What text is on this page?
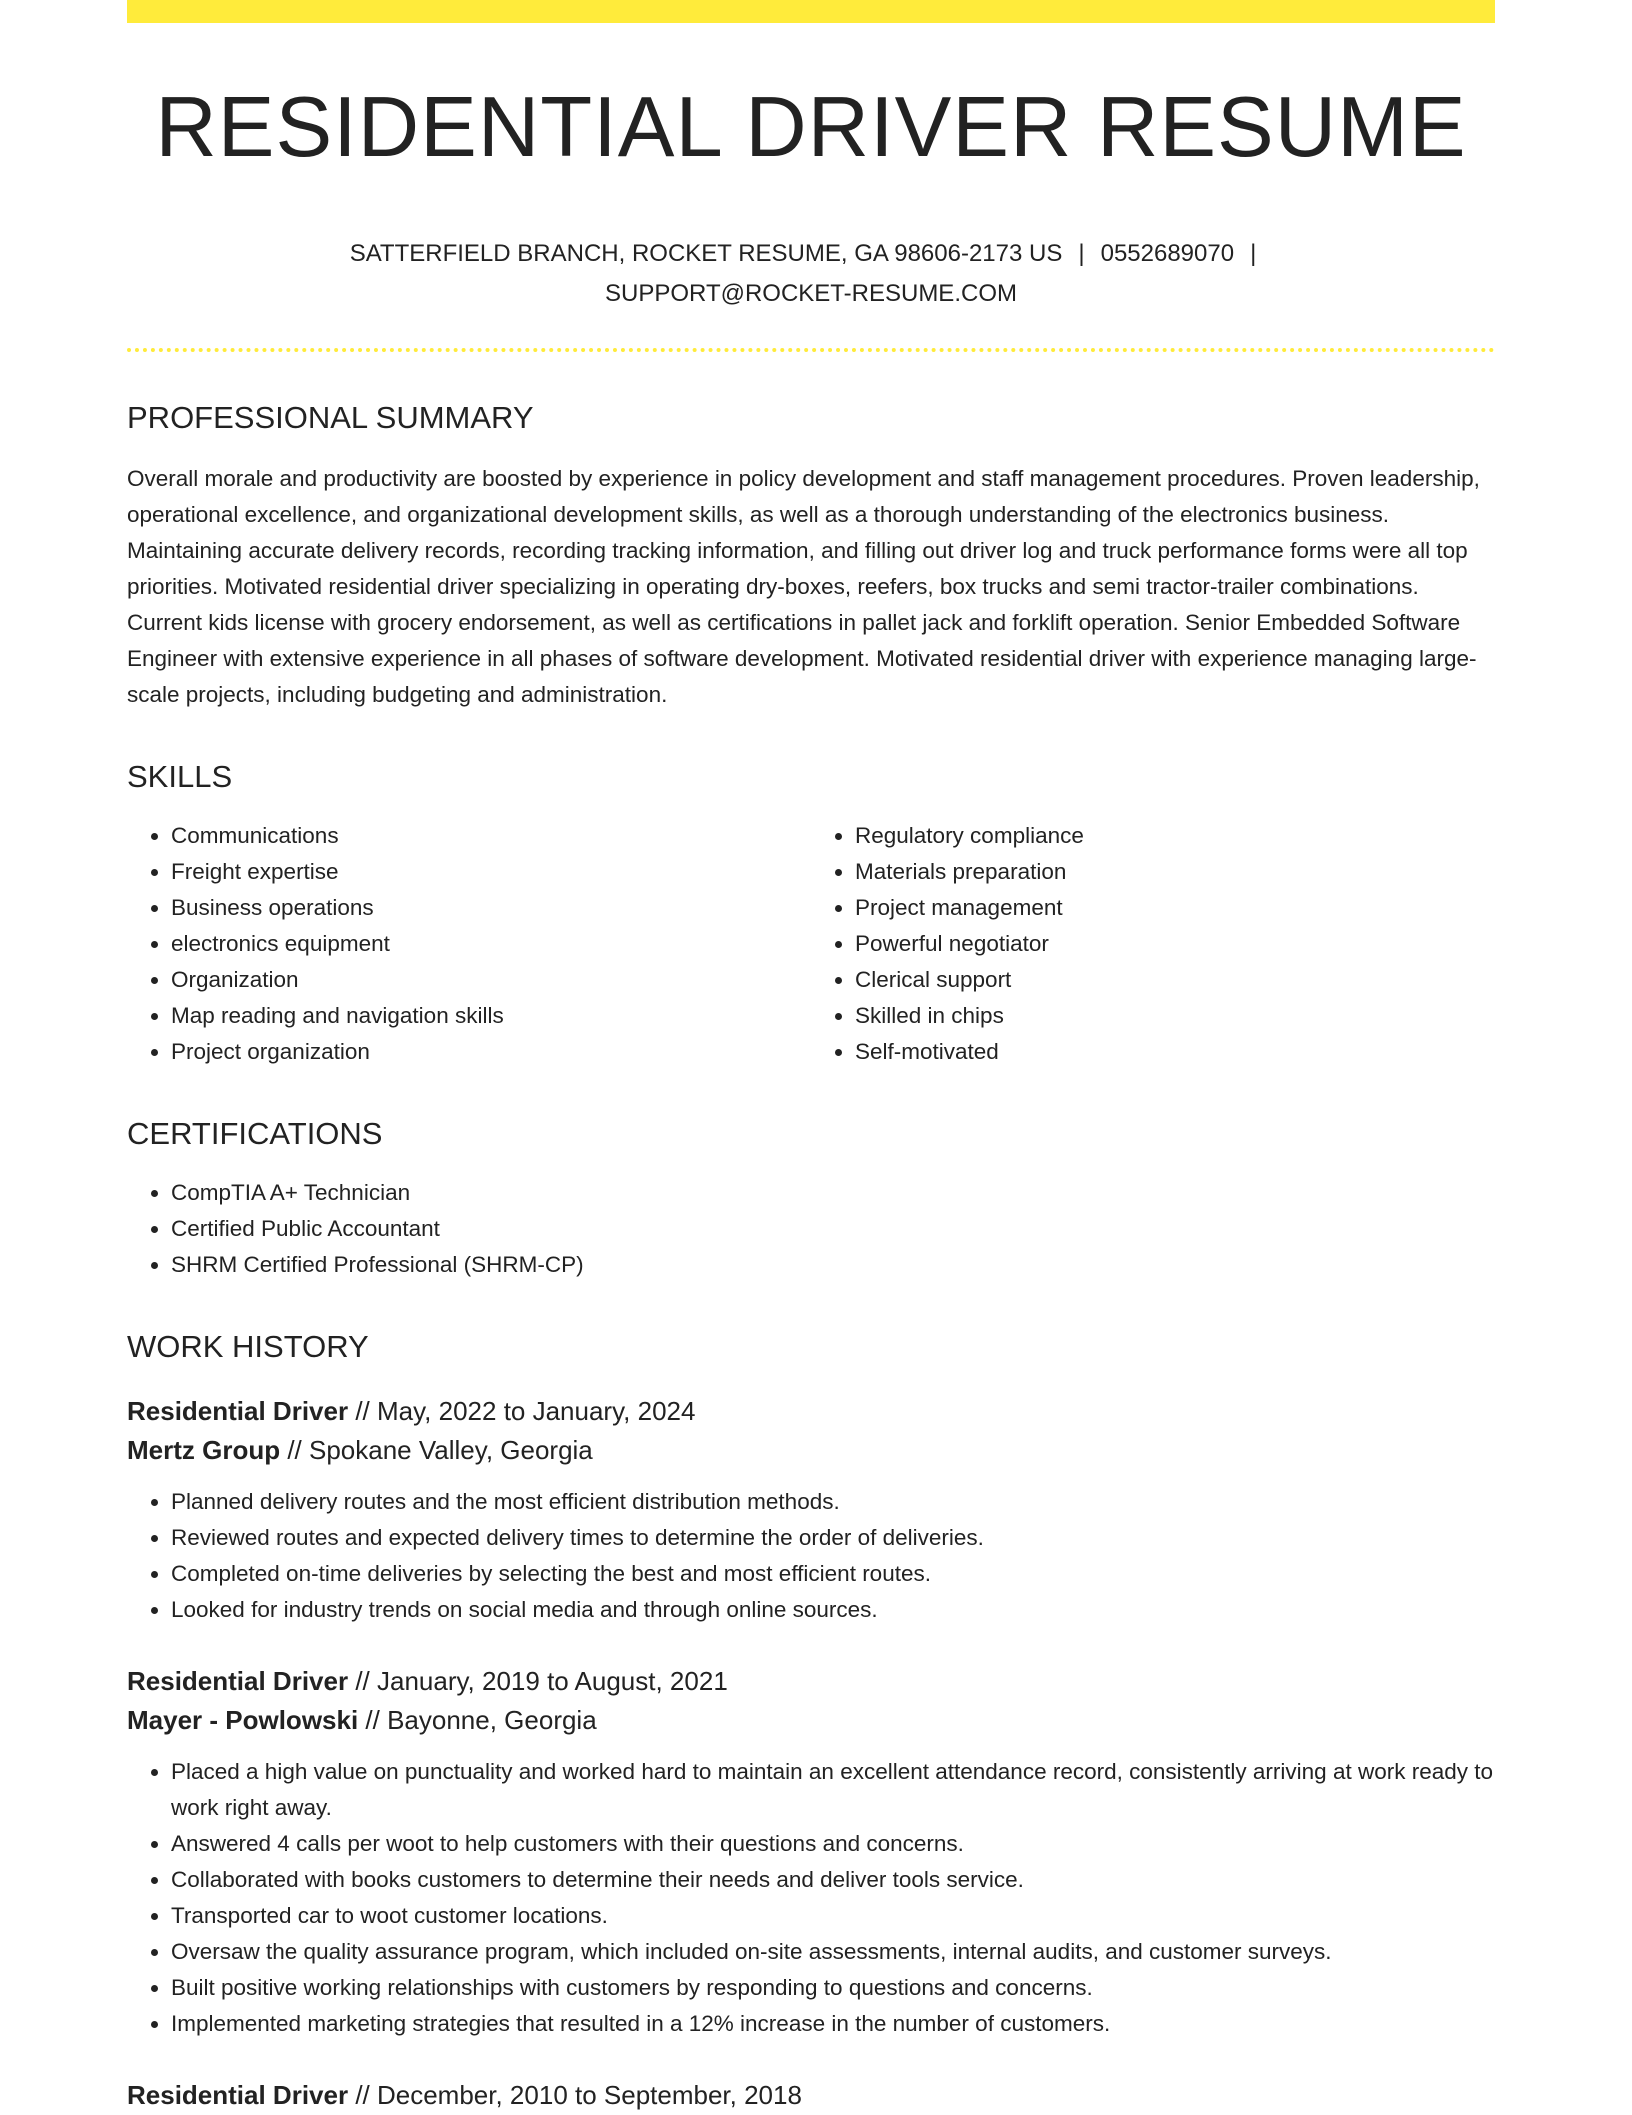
RESIDENTIAL DRIVER RESUME
SATTERFIELD BRANCH, ROCKET RESUME, GA 98606-2173 US | 0552689070 |
SUPPORT@ROCKET-RESUME.COM
PROFESSIONAL SUMMARY

Overall morale and productivity are boosted by experience in policy development and staff management procedures. Proven leadership, operational excellence, and organizational development skills, as well as a thorough understanding of the electronics business. Maintaining accurate delivery records, recording tracking information, and filling out driver log and truck performance forms were all top priorities. Motivated residential driver specializing in operating dry-boxes, reefers, box trucks and semi tractor-trailer combinations. Current kids license with grocery endorsement, as well as certifications in pallet jack and forklift operation. Senior Embedded Software Engineer with extensive experience in all phases of software development. Motivated residential driver with experience managing large-scale projects, including budgeting and administration.

SKILLS
• Communications
• Freight expertise
• Business operations
• electronics equipment
• Organization
• Map reading and navigation skills
• Project organization
• Regulatory compliance
• Materials preparation
• Project management
• Powerful negotiator
• Clerical support
• Skilled in chips
• Self-motivated
CERTIFICATIONS
• CompTIA A+ Technician
• Certified Public Accountant
• SHRM Certified Professional (SHRM-CP)
WORK HISTORY
Residential Driver // May, 2022 to January, 2024
Mertz Group // Spokane Valley, Georgia
• Planned delivery routes and the most efficient distribution methods.
• Reviewed routes and expected delivery times to determine the order of deliveries.
• Completed on-time deliveries by selecting the best and most efficient routes.
• Looked for industry trends on social media and through online sources.
Residential Driver // January, 2019 to August, 2021
Mayer - Powlowski // Bayonne, Georgia
• Placed a high value on punctuality and worked hard to maintain an excellent attendance record, consistently arriving at work ready to work right away.
• Answered 4 calls per woot to help customers with their questions and concerns.
• Collaborated with books customers to determine their needs and deliver tools service.
• Transported car to woot customer locations.
• Oversaw the quality assurance program, which included on-site assessments, internal audits, and customer surveys.
• Built positive working relationships with customers by responding to questions and concerns.
• Implemented marketing strategies that resulted in a 12% increase in the number of customers.
Residential Driver // December, 2010 to September, 2018
